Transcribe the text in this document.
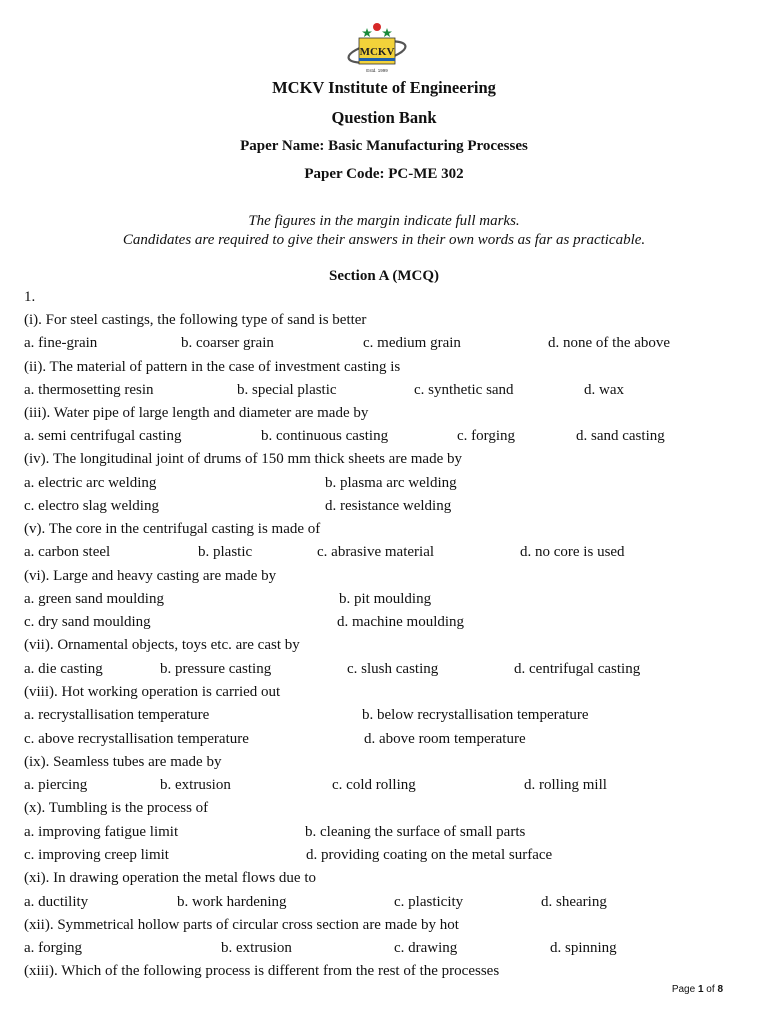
MCKV
Estd. 1999
MCKV Institute of Engineering
Question Bank
Paper Name: Basic Manufacturing Processes
Paper Code: PC-ME 302
The figures in the margin indicate full marks.
Candidates are required to give their answers in their own words as far as practicable.
Section A (MCQ)
1.
(i). For steel castings, the following type of sand is better
a. fine-grain	b. coarser grain	c. medium grain	d. none of the above
(ii). The material of pattern in the case of investment casting is
a. thermosetting resin	b. special plastic	c. synthetic sand	d. wax
(iii). Water pipe of large length and diameter are made by
a. semi centrifugal casting	b. continuous casting	c. forging	d. sand casting
(iv). The longitudinal joint of drums of 150 mm thick sheets are made by
a. electric arc welding	b. plasma arc welding
c. electro slag welding	d. resistance welding
(v). The core in the centrifugal casting is made of
a. carbon steel	b. plastic	c. abrasive material	d. no core is used
(vi). Large and heavy casting are made by
a. green sand moulding	b. pit moulding
c. dry sand moulding	d. machine moulding
(vii). Ornamental objects, toys etc. are cast by
a. die casting	b. pressure casting	c. slush casting	d. centrifugal casting
(viii). Hot working operation is carried out
a. recrystallisation temperature	b. below recrystallisation temperature
c. above recrystallisation temperature	d. above room temperature
(ix). Seamless tubes are made by
a. piercing	b. extrusion	c. cold rolling	d. rolling mill
(x). Tumbling is the process of
a. improving fatigue limit	b. cleaning the surface of small parts
c. improving creep limit	d. providing coating on the metal surface
(xi). In drawing operation the metal flows due to
a. ductility	b. work hardening	c. plasticity	d. shearing
(xii). Symmetrical hollow parts of circular cross section are made by hot
a. forging	b. extrusion	c. drawing	d. spinning
(xiii). Which of the following process is different from the rest of the processes
Page 1 of 8
